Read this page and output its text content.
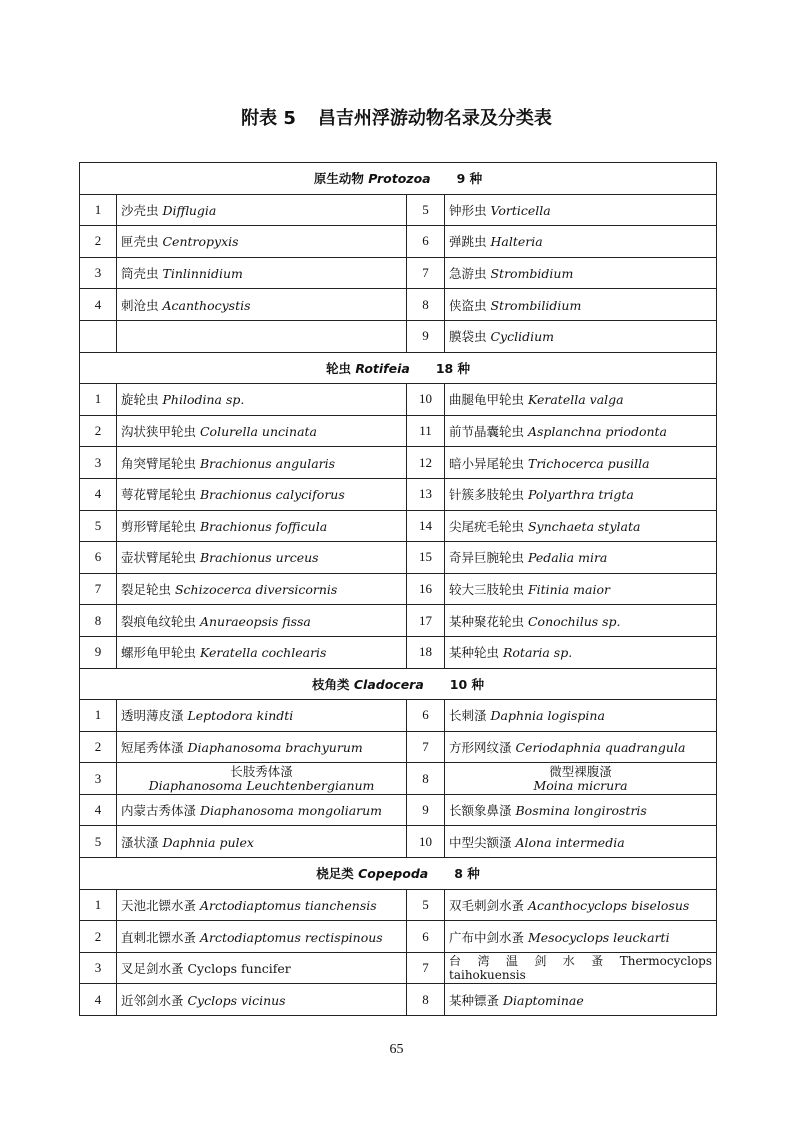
附表 5 昌吉州浮游动物名录及分类表
原生动物 Protozoa 9 种			
1	沙壳虫 Difflugia	5	钟形虫 Vorticella
2	匣壳虫 Centropyxis	6	弹跳虫 Halteria
3	筒壳虫 Tinlinnidium	7	急游虫 Strombidium
4	刺沧虫 Acanthocystis	8	侠盗虫 Strombilidium
		9	膜袋虫 Cyclidium
轮虫 Rotifeia 18 种			
1	旋轮虫 Philodina sp.	10	曲腿龟甲轮虫 Keratella valga
2	沟状狭甲轮虫 Colurella uncinata	11	前节晶囊轮虫 Asplanchna priodonta
3	角突臂尾轮虫 Brachionus angularis	12	暗小异尾轮虫 Trichocerca pusilla
4	萼花臂尾轮虫 Brachionus calyciforus	13	针簇多肢轮虫 Polyarthra trigta
5	剪形臂尾轮虫 Brachionus fofficula	14	尖尾疣毛轮虫 Synchaeta stylata
6	壶状臂尾轮虫 Brachionus urceus	15	奇异巨腕轮虫 Pedalia mira
7	裂足轮虫 Schizocerca diversicornis	16	较大三肢轮虫 Fitinia maior
8	裂痕龟纹轮虫 Anuraeopsis fissa	17	某种聚花轮虫 Conochilus sp.
9	螺形龟甲轮虫 Keratella cochlearis	18	某种轮虫 Rotaria sp.
枝角类 Cladocera 10 种			
1	透明薄皮溞 Leptodora kindti	6	长刺溞 Daphnia logispina
2	短尾秀体溞 Diaphanosoma brachyurum	7	方形网纹溞 Ceriodaphnia quadrangula
3	长肢秀体溞
Diaphanosoma Leuchtenbergianum	8	微型裸腹溞
Moina micrura
4	内蒙古秀体溞 Diaphanosoma mongoliarum	9	长额象鼻溞 Bosmina longirostris
5	溞状溞 Daphnia pulex	10	中型尖额溞 Alona intermedia
桡足类 Copepoda 8 种			
1	天池北镖水蚤 Arctodiaptomus tianchensis	5	双毛刺剑水蚤 Acanthocyclops biselosus
2	直刺北镖水蚤 Arctodiaptomus rectispinous	6	广布中剑水蚤 Mesocyclops leuckarti
3	叉足剑水蚤 Cyclops funcifer	7	台 湾 温 剑 水 蚤 Thermocyclops taihokuensis
4	近邻剑水蚤 Cyclops vicinus	8	某种镖蚤 Diaptominae
65
